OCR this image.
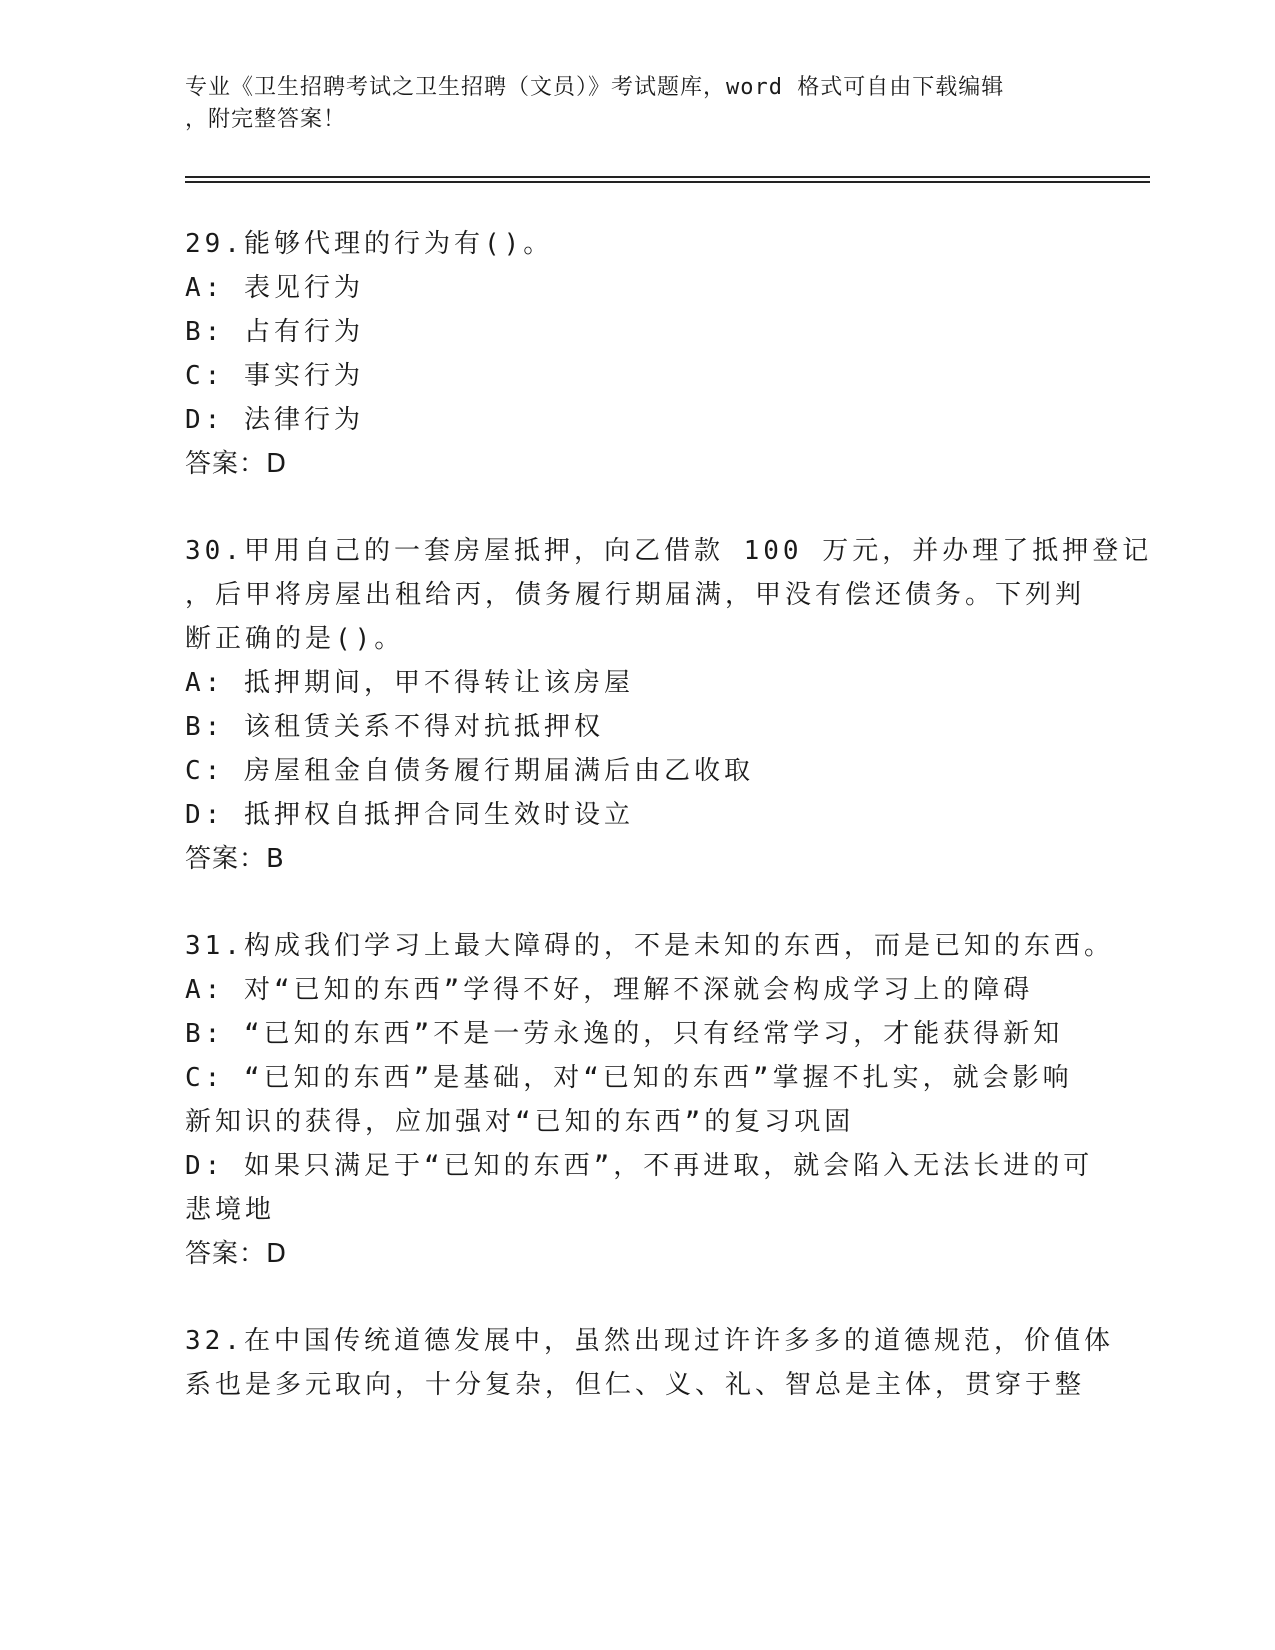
专业《卫生招聘考试之卫生招聘（文员）》考试题库，word 格式可自由下载编辑
，附完整答案！
29.能够代理的行为有()。
A: 表见行为
B: 占有行为
C: 事实行为
D: 法律行为
答案：D
30.甲用自己的一套房屋抵押，向乙借款 100 万元，并办理了抵押登记
，后甲将房屋出租给丙，债务履行期届满，甲没有偿还债务。下列判
断正确的是()。
A: 抵押期间，甲不得转让该房屋
B: 该租赁关系不得对抗抵押权
C: 房屋租金自债务履行期届满后由乙收取
D: 抵押权自抵押合同生效时设立
答案：B
31.构成我们学习上最大障碍的，不是未知的东西，而是已知的东西。
A: 对“已知的东西”学得不好，理解不深就会构成学习上的障碍
B: “已知的东西”不是一劳永逸的，只有经常学习，才能获得新知
C: “已知的东西”是基础，对“已知的东西”掌握不扎实，就会影响
新知识的获得，应加强对“已知的东西”的复习巩固
D: 如果只满足于“已知的东西”，不再进取，就会陷入无法长进的可
悲境地
答案：D
32.在中国传统道德发展中，虽然出现过许许多多的道德规范，价值体
系也是多元取向，十分复杂，但仁、义、礼、智总是主体，贯穿于整
